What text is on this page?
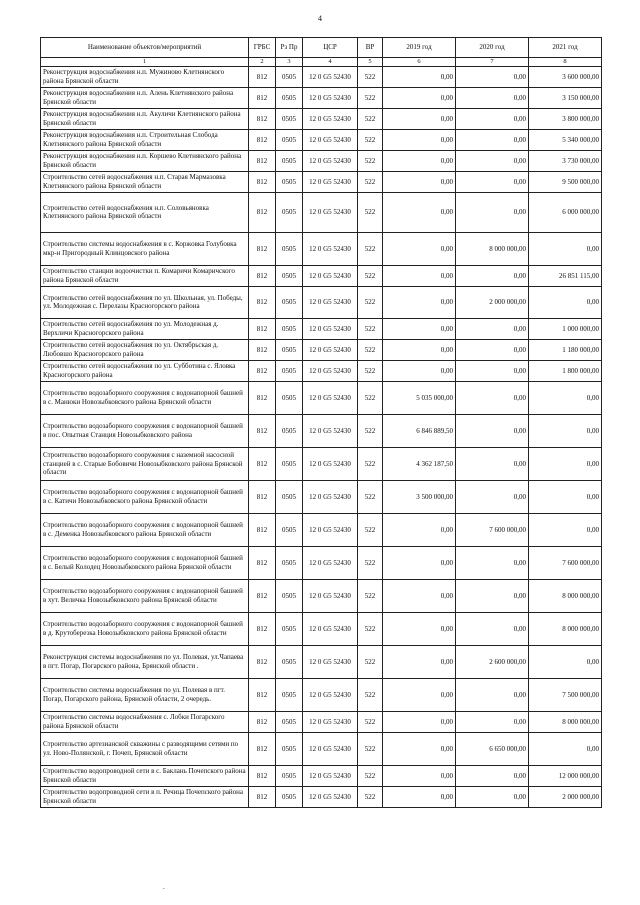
4
Наименование объектов/мероприятий	ГРБС	Рз Пр	ЦСР	ВР	2019 год	2020 год	2021 год
1	2	3	4	5	6	7	8
Реконструкция водоснабжения н.п. Мужиново Клетнянского района Брянской области	812	0505	12 0 G5 52430	522	0,00	0,00	3 600 000,00
Реконструкция водоснабжения н.п. Алень Клетнянского района Брянской области	812	0505	12 0 G5 52430	522	0,00	0,00	3 150 000,00
Реконструкция водоснабжения н.п. Акуличи Клетнянского района Брянской области	812	0505	12 0 G5 52430	522	0,00	0,00	3 800 000,00
Реконструкция водоснабжения н.п. Строительная Слобода Клетнянского района Брянской области	812	0505	12 0 G5 52430	522	0,00	0,00	5 340 000,00
Реконструкция водоснабжения н.п. Коршево Клетнянского района Брянской области	812	0505	12 0 G5 52430	522	0,00	0,00	3 730 000,00
Строительство сетей водоснабжения н.п. Старая Мармазовка Клетнянского района Брянской области	812	0505	12 0 G5 52430	522	0,00	0,00	9 500 000,00
Строительство сетей водоснабжения н.п. Соловьяновка Клетнянского района Брянской области	812	0505	12 0 G5 52430	522	0,00	0,00	6 000 000,00
Строительство системы водоснабжения в с. Коржовка Голубовка мкр-н Пригородный Клинцовского района	812	0505	12 0 G5 52430	522	0,00	8 000 000,00	0,00
Строительство станции водоочистки п. Комаричи Комаричского района Брянской области	812	0505	12 0 G5 52430	522	0,00	0,00	26 851 115,00
Строительство сетей водоснабжения по ул. Школьная, ул. Победы, ул. Молодежная с. Перелазы Красногорского района	812	0505	12 0 G5 52430	522	0,00	2 000 000,00	0,00
Строительство сетей водоснабжения по ул. Молодежная д. Верхличи Красногорского района	812	0505	12 0 G5 52430	522	0,00	0,00	1 000 000,00
Строительство сетей водоснабжения по ул. Октябрьская д. Любовшо Красногорского района	812	0505	12 0 G5 52430	522	0,00	0,00	1 180 000,00
Строительство сетей водоснабжения по ул. Субботина с. Яловка Красногорского района	812	0505	12 0 G5 52430	522	0,00	0,00	1 800 000,00
Строительство водозаборного сооружения с водонапорной башней в с. Манюки Новозыбковского района Брянской области	812	0505	12 0 G5 52430	522	5 035 000,00	0,00	0,00
Строительство водозаборного сооружения с водонапорной башней в пос. Опытная Станция Новозыбковского района	812	0505	12 0 G5 52430	522	6 846 889,50	0,00	0,00
Строительство водозаборного сооружения с наземной насосной станцией в с. Старые Бобовичи Новозыбковского района Брянской области	812	0505	12 0 G5 52430	522	4 362 187,50	0,00	0,00
Строительство водозаборного сооружения с водонапорной башней в с. Катичи Новозыбковского района Брянской области	812	0505	12 0 G5 52430	522	3 500 000,00	0,00	0,00
Строительство водозаборного сооружения с водонапорной башней в с. Деменка Новозыбковского района Брянской области	812	0505	12 0 G5 52430	522	0,00	7 600 000,00	0,00
Строительство водозаборного сооружения с водонапорной башней в с. Белый Колодец Новозыбковского района Брянской области	812	0505	12 0 G5 52430	522	0,00	0,00	7 600 000,00
Строительство водозаборного сооружения с водонапорной башней в хут. Величка Новозыбковского района Брянской области	812	0505	12 0 G5 52430	522	0,00	0,00	8 000 000,00
Строительство водозаборного сооружения с водонапорной башней в д. Крутоберезка Новозыбковского района Брянской области	812	0505	12 0 G5 52430	522	0,00	0,00	8 000 000,00
Реконструкция системы водоснабжения по ул. Полевая, ул.Чапаева в пгт. Погар, Погарского района, Брянской области .	812	0505	12 0 G5 52430	522	0,00	2 600 000,00	0,00
Строительство системы водоснабжения по ул. Полевая в пгт. Погар, Погарского района, Брянской области, 2 очередь.	812	0505	12 0 G5 52430	522	0,00	0,00	7 500 000,00
Строительство системы водоснабжения с. Лобки Погарского района Брянской области	812	0505	12 0 G5 52430	522	0,00	0,00	8 000 000,00
Строительство артезианской скважины с разводящими сетями по ул. Ново-Полянской, г. Почеп, Брянской области	812	0505	12 0 G5 52430	522	0,00	6 650 000,00	0,00
Строительство водопроводной сети в с. Баклань Почепского района Брянской области	812	0505	12 0 G5 52430	522	0,00	0,00	12 000 000,00
Строительство водопроводной сети в п. Речица Почепского района Брянской области	812	0505	12 0 G5 52430	522	0,00	0,00	2 000 000,00
.
